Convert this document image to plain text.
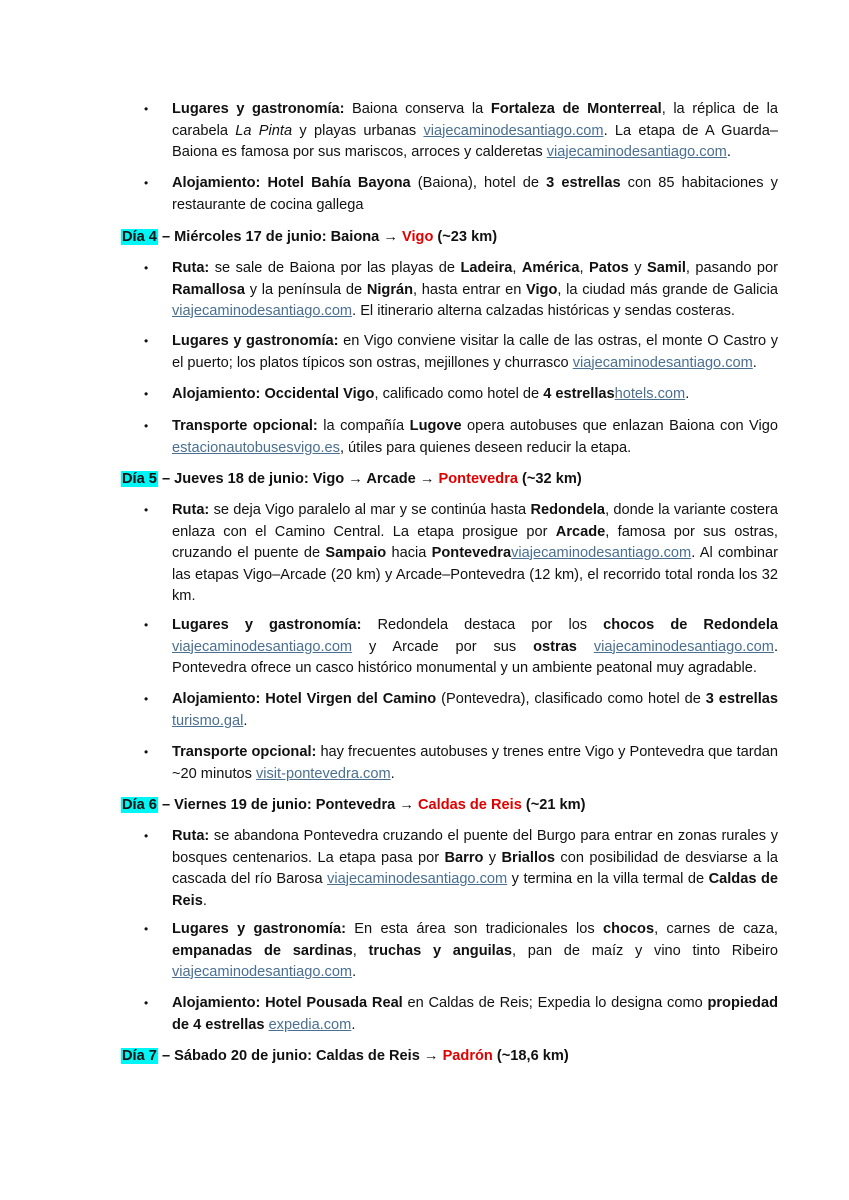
• Lugares y gastronomía: Baiona conserva la Fortaleza de Monterreal, la réplica de la carabela La Pinta y playas urbanas viajecaminodesantiago.com. La etapa de A Guarda–Baiona es famosa por sus mariscos, arroces y calderetas viajecaminodesantiago.com.
• Alojamiento: Hotel Bahía Bayona (Baiona), hotel de 3 estrellas con 85 habitaciones y restaurante de cocina gallega
Día 4 – Miércoles 17 de junio: Baiona → Vigo (~23 km)
• Ruta: se sale de Baiona por las playas de Ladeira, América, Patos y Samil, pasando por Ramallosa y la península de Nigrán, hasta entrar en Vigo, la ciudad más grande de Galicia viajecaminodesantiago.com. El itinerario alterna calzadas históricas y sendas costeras.
• Lugares y gastronomía: en Vigo conviene visitar la calle de las ostras, el monte O Castro y el puerto; los platos típicos son ostras, mejillones y churrasco viajecaminodesantiago.com.
• Alojamiento: Occidental Vigo, calificado como hotel de 4 estrellashotels.com.
• Transporte opcional: la compañía Lugove opera autobuses que enlazan Baiona con Vigo estacionautobusesvigo.es, útiles para quienes deseen reducir la etapa.
Día 5 – Jueves 18 de junio: Vigo → Arcade → Pontevedra (~32 km)
• Ruta: se deja Vigo paralelo al mar y se continúa hasta Redondela, donde la variante costera enlaza con el Camino Central. La etapa prosigue por Arcade, famosa por sus ostras, cruzando el puente de Sampaio hacia Pontevedraviajecaminodesantiago.com. Al combinar las etapas Vigo–Arcade (20 km) y Arcade–Pontevedra (12 km), el recorrido total ronda los 32 km.
• Lugares y gastronomía: Redondela destaca por los chocos de Redondela viajecaminodesantiago.com y Arcade por sus ostras viajecaminodesantiago.com. Pontevedra ofrece un casco histórico monumental y un ambiente peatonal muy agradable.
• Alojamiento: Hotel Virgen del Camino (Pontevedra), clasificado como hotel de 3 estrellas turismo.gal.
• Transporte opcional: hay frecuentes autobuses y trenes entre Vigo y Pontevedra que tardan ~20 minutos visit-pontevedra.com.
Día 6 – Viernes 19 de junio: Pontevedra → Caldas de Reis (~21 km)
• Ruta: se abandona Pontevedra cruzando el puente del Burgo para entrar en zonas rurales y bosques centenarios. La etapa pasa por Barro y Briallos con posibilidad de desviarse a la cascada del río Barosa viajecaminodesantiago.com y termina en la villa termal de Caldas de Reis.
• Lugares y gastronomía: En esta área son tradicionales los chocos, carnes de caza, empanadas de sardinas, truchas y anguilas, pan de maíz y vino tinto Ribeiro viajecaminodesantiago.com.
• Alojamiento: Hotel Pousada Real en Caldas de Reis; Expedia lo designa como propiedad de 4 estrellas expedia.com.
Día 7 – Sábado 20 de junio: Caldas de Reis → Padrón (~18,6 km)
